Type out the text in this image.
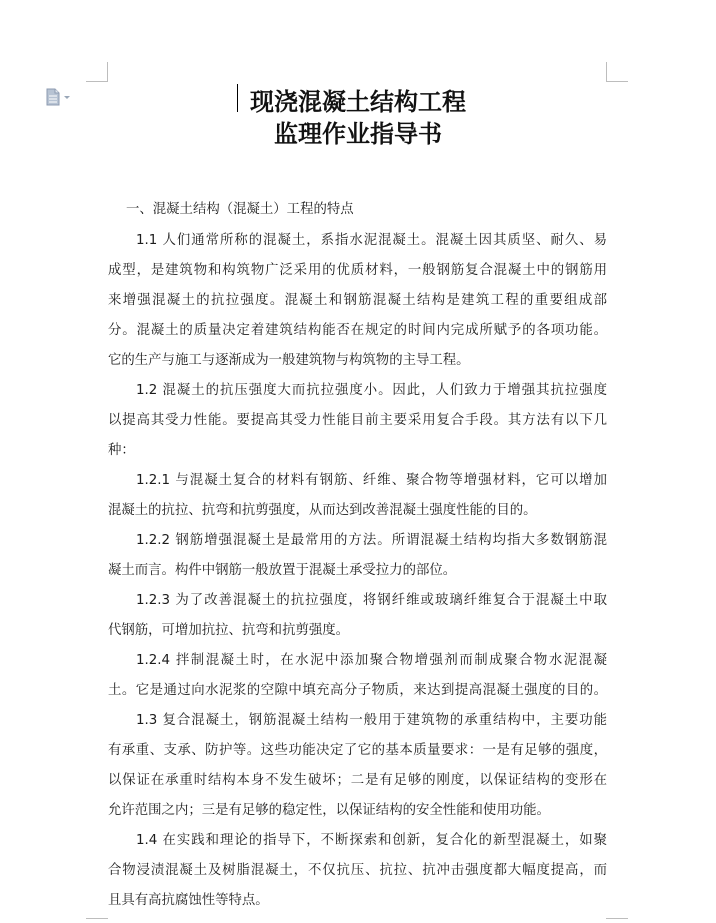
现浇混凝土结构工程
监理作业指导书
一、混凝土结构（混凝土）工程的特点
1.1 人们通常所称的混凝土，系指水泥混凝土。混凝土因其质坚、耐久、易
成型，是建筑物和构筑物广泛采用的优质材料，一般钢筋复合混凝土中的钢筋用
来增强混凝土的抗拉强度。混凝土和钢筋混凝土结构是建筑工程的重要组成部
分。混凝土的质量决定着建筑结构能否在规定的时间内完成所赋予的各项功能。
它的生产与施工与逐渐成为一般建筑物与构筑物的主导工程。
1.2 混凝土的抗压强度大而抗拉强度小。因此，人们致力于增强其抗拉强度
以提高其受力性能。要提高其受力性能目前主要采用复合手段。其方法有以下几
种：
1.2.1 与混凝土复合的材料有钢筋、纤维、聚合物等增强材料，它可以增加
混凝土的抗拉、抗弯和抗剪强度，从而达到改善混凝土强度性能的目的。
1.2.2 钢筋增强混凝土是最常用的方法。所谓混凝土结构均指大多数钢筋混
凝土而言。构件中钢筋一般放置于混凝土承受拉力的部位。
1.2.3 为了改善混凝土的抗拉强度，将钢纤维或玻璃纤维复合于混凝土中取
代钢筋，可增加抗拉、抗弯和抗剪强度。
1.2.4 拌制混凝土时，在水泥中添加聚合物增强剂而制成聚合物水泥混凝
土。它是通过向水泥浆的空隙中填充高分子物质，来达到提高混凝土强度的目的。
1.3 复合混凝土，钢筋混凝土结构一般用于建筑物的承重结构中，主要功能
有承重、支承、防护等。这些功能决定了它的基本质量要求：一是有足够的强度，
以保证在承重时结构本身不发生破坏；二是有足够的刚度，以保证结构的变形在
允许范围之内；三是有足够的稳定性，以保证结构的安全性能和使用功能。
1.4 在实践和理论的指导下，不断探索和创新，复合化的新型混凝土，如聚
合物浸渍混凝土及树脂混凝土，不仅抗压、抗拉、抗冲击强度都大幅度提高，而
且具有高抗腐蚀性等特点。
